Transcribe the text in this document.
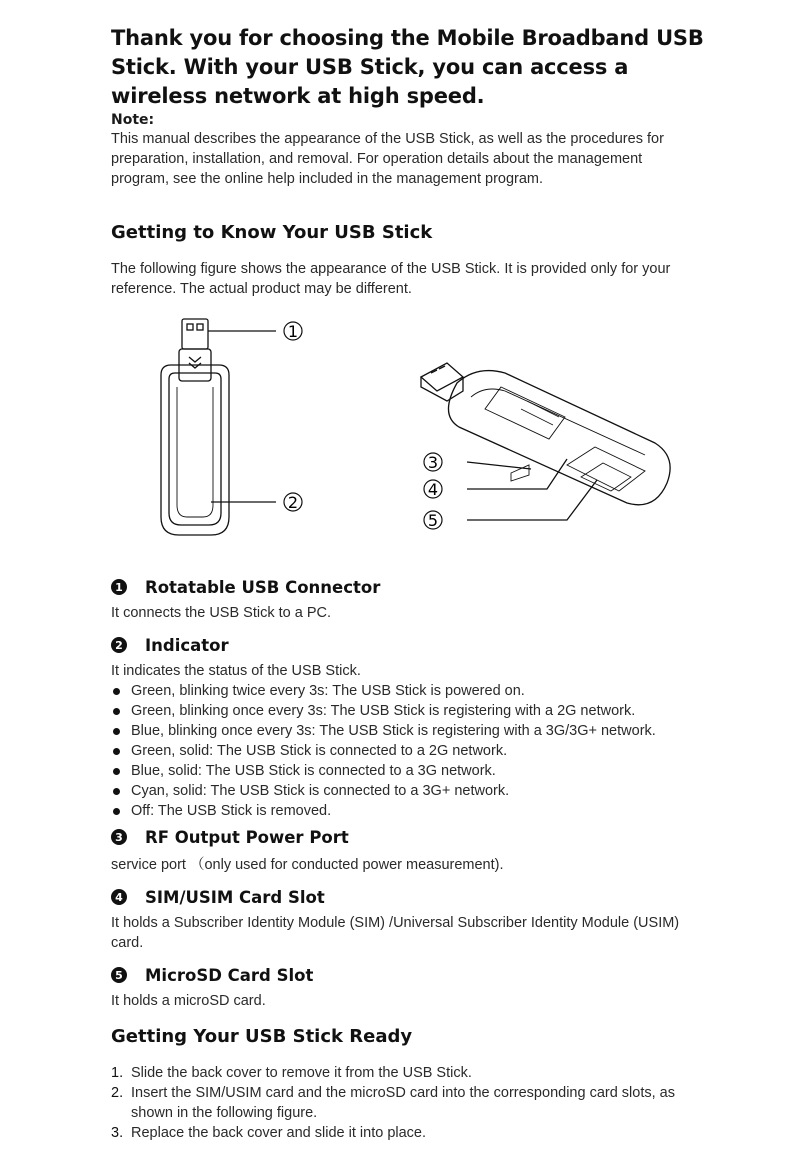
Thank you for choosing the Mobile Broadband USB Stick. With your USB Stick, you can access a wireless network at high speed.
Note:

This manual describes the appearance of the USB Stick, as well as the procedures for preparation, installation, and removal. For operation details about the management program, see the online help included in the management program.

Getting to Know Your USB Stick

The following figure shows the appearance of the USB Stick. It is provided only for your reference. The actual product may be different.

1
2
3
4
5
1 Rotatable USB Connector

It connects the USB Stick to a PC.

2 Indicator

It indicates the status of the USB Stick.

Green, blinking twice every 3s: The USB Stick is powered on.
Green, blinking once every 3s: The USB Stick is registering with a 2G network.
Blue, blinking once every 3s: The USB Stick is registering with a 3G/3G+ network.
Green, solid: The USB Stick is connected to a 2G network.
Blue, solid: The USB Stick is connected to a 3G network.
Cyan, solid: The USB Stick is connected to a 3G+ network.
Off: The USB Stick is removed.
3 RF Output Power Port

service port （only used for conducted power measurement).

4 SIM/USIM Card Slot

It holds a Subscriber Identity Module (SIM) /Universal Subscriber Identity Module (USIM) card.

5 MicroSD Card Slot

It holds a microSD card.

Getting Your USB Stick Ready
1. Slide the back cover to remove it from the USB Stick.
2. Insert the SIM/USIM card and the microSD card into the corresponding card slots, as shown in the following figure.
3. Replace the back cover and slide it into place.
